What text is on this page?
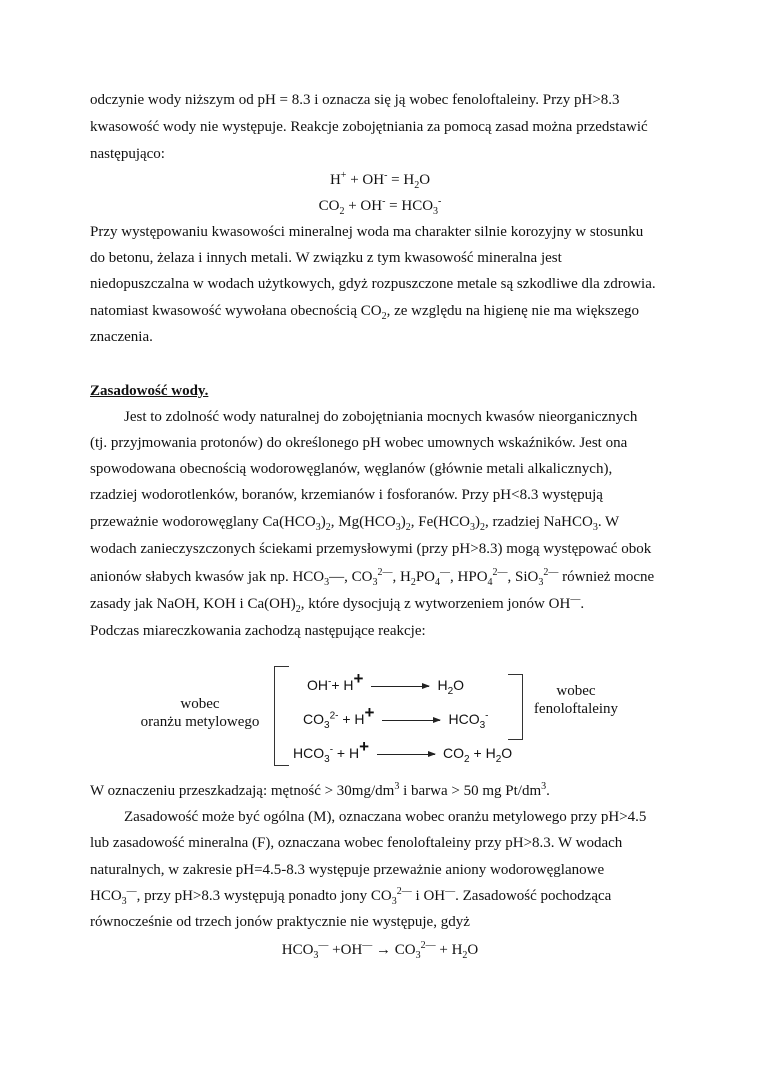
odczynie wody niższym od pH = 8.3 i oznacza się ją wobec fenoloftaleiny. Przy pH>8.3
kwasowość wody nie występuje. Reakcje zobojętniania za pomocą zasad można przedstawić
następująco:
$H^+ + OH^- = H_2O$
$CO_2 + OH^- = HCO_3^-$
Przy występowaniu kwasowości mineralnej woda ma charakter silnie korozyjny w stosunku
do betonu, żelaza i innych metali. W związku z tym kwasowość mineralna jest
niedopuszczalna w wodach użytkowych, gdyż rozpuszczone metale są szkodliwe dla zdrowia.
natomiast kwasowość wywołana obecnością $CO_2$, ze względu na higienę nie ma większego
znaczenia.
Zasadowość wody.
Jest to zdolność wody naturalnej do zobojętniania mocnych kwasów nieorganicznych
(tj. przyjmowania protonów) do określonego pH wobec umownych wskaźników. Jest ona
spowodowana obecnością wodorowęglanów, węglanów (głównie metali alkalicznych),
rzadziej wodorotlenków, boranów, krzemianów i fosforanów. Przy pH<8.3 występują
przeważnie wodorowęglany $Ca(HCO_3)_2$, $Mg(HCO_3)_2$, $Fe(HCO_3)_2$, rzadziej NaHCO$_3$. W
wodach zanieczyszczonych ściekami przemysłowymi (przy pH>8.3) mogą występować obok
anionów słabych kwasów jak np. $HCO_3—$, $CO_3^{2—}$, $H_2PO_4^—$, $HPO_4^{2—}$, SiO$_3^{2—}$ również mocne
zasady jak NaOH, KOH i $Ca(OH)_2$, które dysocjują z wytworzeniem jonów OH—.
Podczas miareczkowania zachodzą następujące reakcje:
wobec
oranżu metylowego
wobec
fenoloftaleiny
OH-+ H+	$H_2O$
$CO_3^{2-} + H+$	$HCO_3^-$
$HCO_3^- + H+$	$CO_2 + H_2O$
W oznaczeniu przeszkadzają: mętność > $30mg/dm^3$ i barwa > 50 mg $Pt/dm^3$.
Zasadowość może być ogólna (M), oznaczana wobec oranżu metylowego przy pH>4.5
lub zasadowość mineralna (F), oznaczana wobec fenoloftaleiny przy pH>8.3. W wodach
naturalnych, w zakresie pH=4.5-8.3 występuje przeważnie aniony wodorowęglanowe
$HCO_3^—$, przy pH>8.3 występują ponadto jony $CO_3^{2—}$ i OH—. Zasadowość pochodząca
równocześnie od trzech jonów praktycznie nie występuje, gdyż
$HCO_3^— +OH^— \to CO_3^{2—} + H_2O$
